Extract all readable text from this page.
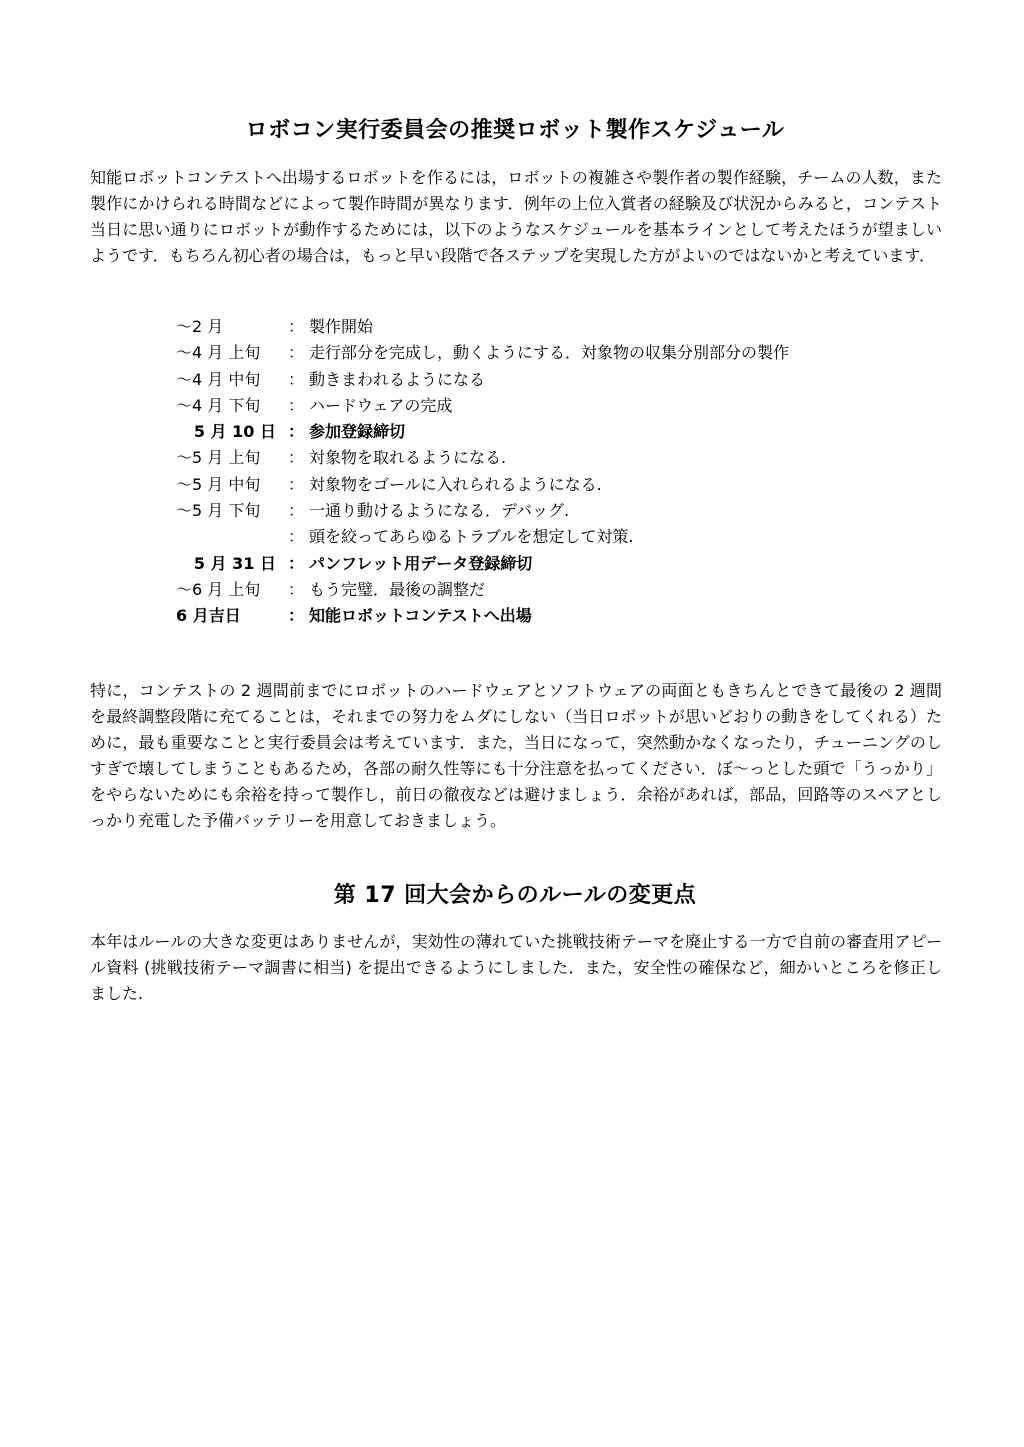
ロボコン実行委員会の推奨ロボット製作スケジュール

知能ロボットコンテストへ出場するロボットを作るには，ロボットの複雑さや製作者の製作経験，チームの人数，また製作にかけられる時間などによって製作時間が異なります．例年の上位入賞者の経験及び状況からみると，コンテスト当日に思い通りにロボットが動作するためには，以下のようなスケジュールを基本ラインとして考えたほうが望ましいようです．もちろん初心者の場合は，もっと早い段階で各ステップを実現した方がよいのではないかと考えています．

〜2 月	： 製作開始
〜4 月 上旬	： 走行部分を完成し，動くようにする．対象物の収集分別部分の製作
〜4 月 中旬	： 動きまわれるようになる
〜4 月 下旬	： ハードウェアの完成
5 月 10 日 ： 参加登録締切
〜5 月 上旬	： 対象物を取れるようになる.
〜5 月 中旬	： 対象物をゴールに入れられるようになる.
〜5 月 下旬	： 一通り動けるようになる．デバッグ.
： 頭を絞ってあらゆるトラブルを想定して対策.
5 月 31 日 ： パンフレット用データ登録締切
〜6 月 上旬	： もう完璧．最後の調整だ
6 月吉日	： 知能ロボットコンテストへ出場

特に，コンテストの 2 週間前までにロボットのハードウェアとソフトウェアの両面ともきちんとできて最後の 2 週間を最終調整段階に充てることは，それまでの努力をムダにしない（当日ロボットが思いどおりの動きをしてくれる）ために，最も重要なことと実行委員会は考えています．また，当日になって，突然動かなくなったり，チューニングのしすぎで壊してしまうこともあるため，各部の耐久性等にも十分注意を払ってください．ぼ〜っとした頭で「うっかり」をやらないためにも余裕を持って製作し，前日の徹夜などは避けましょう．余裕があれば，部品，回路等のスペアとしっかり充電した予備バッテリーを用意しておきましょう。

第 17 回大会からのルールの変更点

本年はルールの大きな変更はありませんが，実効性の薄れていた挑戦技術テーマを廃止する一方で自前の審査用アピール資料 (挑戦技術テーマ調書に相当) を提出できるようにしました．また，安全性の確保など，細かいところを修正しました.
